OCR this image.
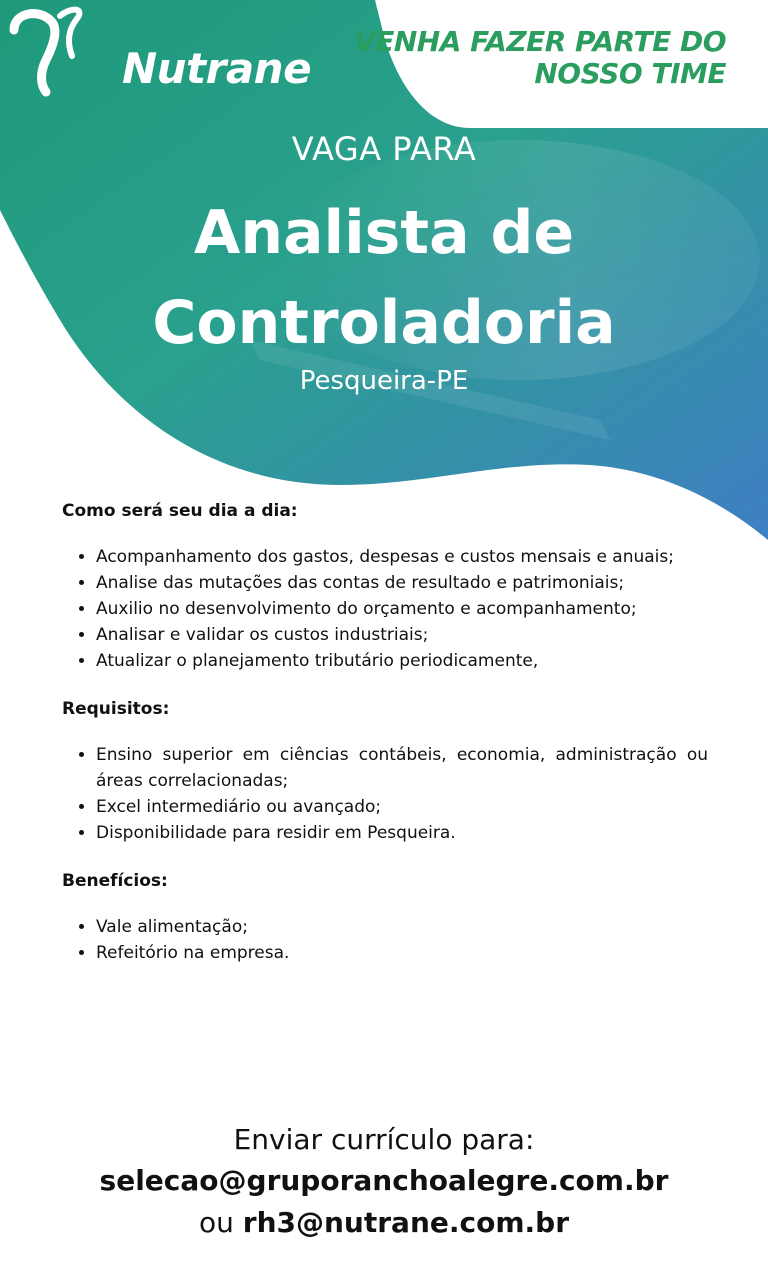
Nutrane
VENHA FAZER PARTE DO
NOSSO TIME
VAGA PARA
Analista de
Controladoria
Pesqueira-PE
Como será seu dia a dia:
• Acompanhamento dos gastos, despesas e custos mensais e anuais;
• Analise das mutações das contas de resultado e patrimoniais;
• Auxilio no desenvolvimento do orçamento e acompanhamento;
• Analisar e validar os custos industriais;
• Atualizar o planejamento tributário periodicamente,
Requisitos:
• Ensino superior em ciências contábeis, economia, administração ou áreas correlacionadas;
• Excel intermediário ou avançado;
• Disponibilidade para residir em Pesqueira.
Benefícios:
• Vale alimentação;
• Refeitório na empresa.
Enviar currículo para:
selecao@gruporanchoalegre.com.br
ou rh3@nutrane.com.br
